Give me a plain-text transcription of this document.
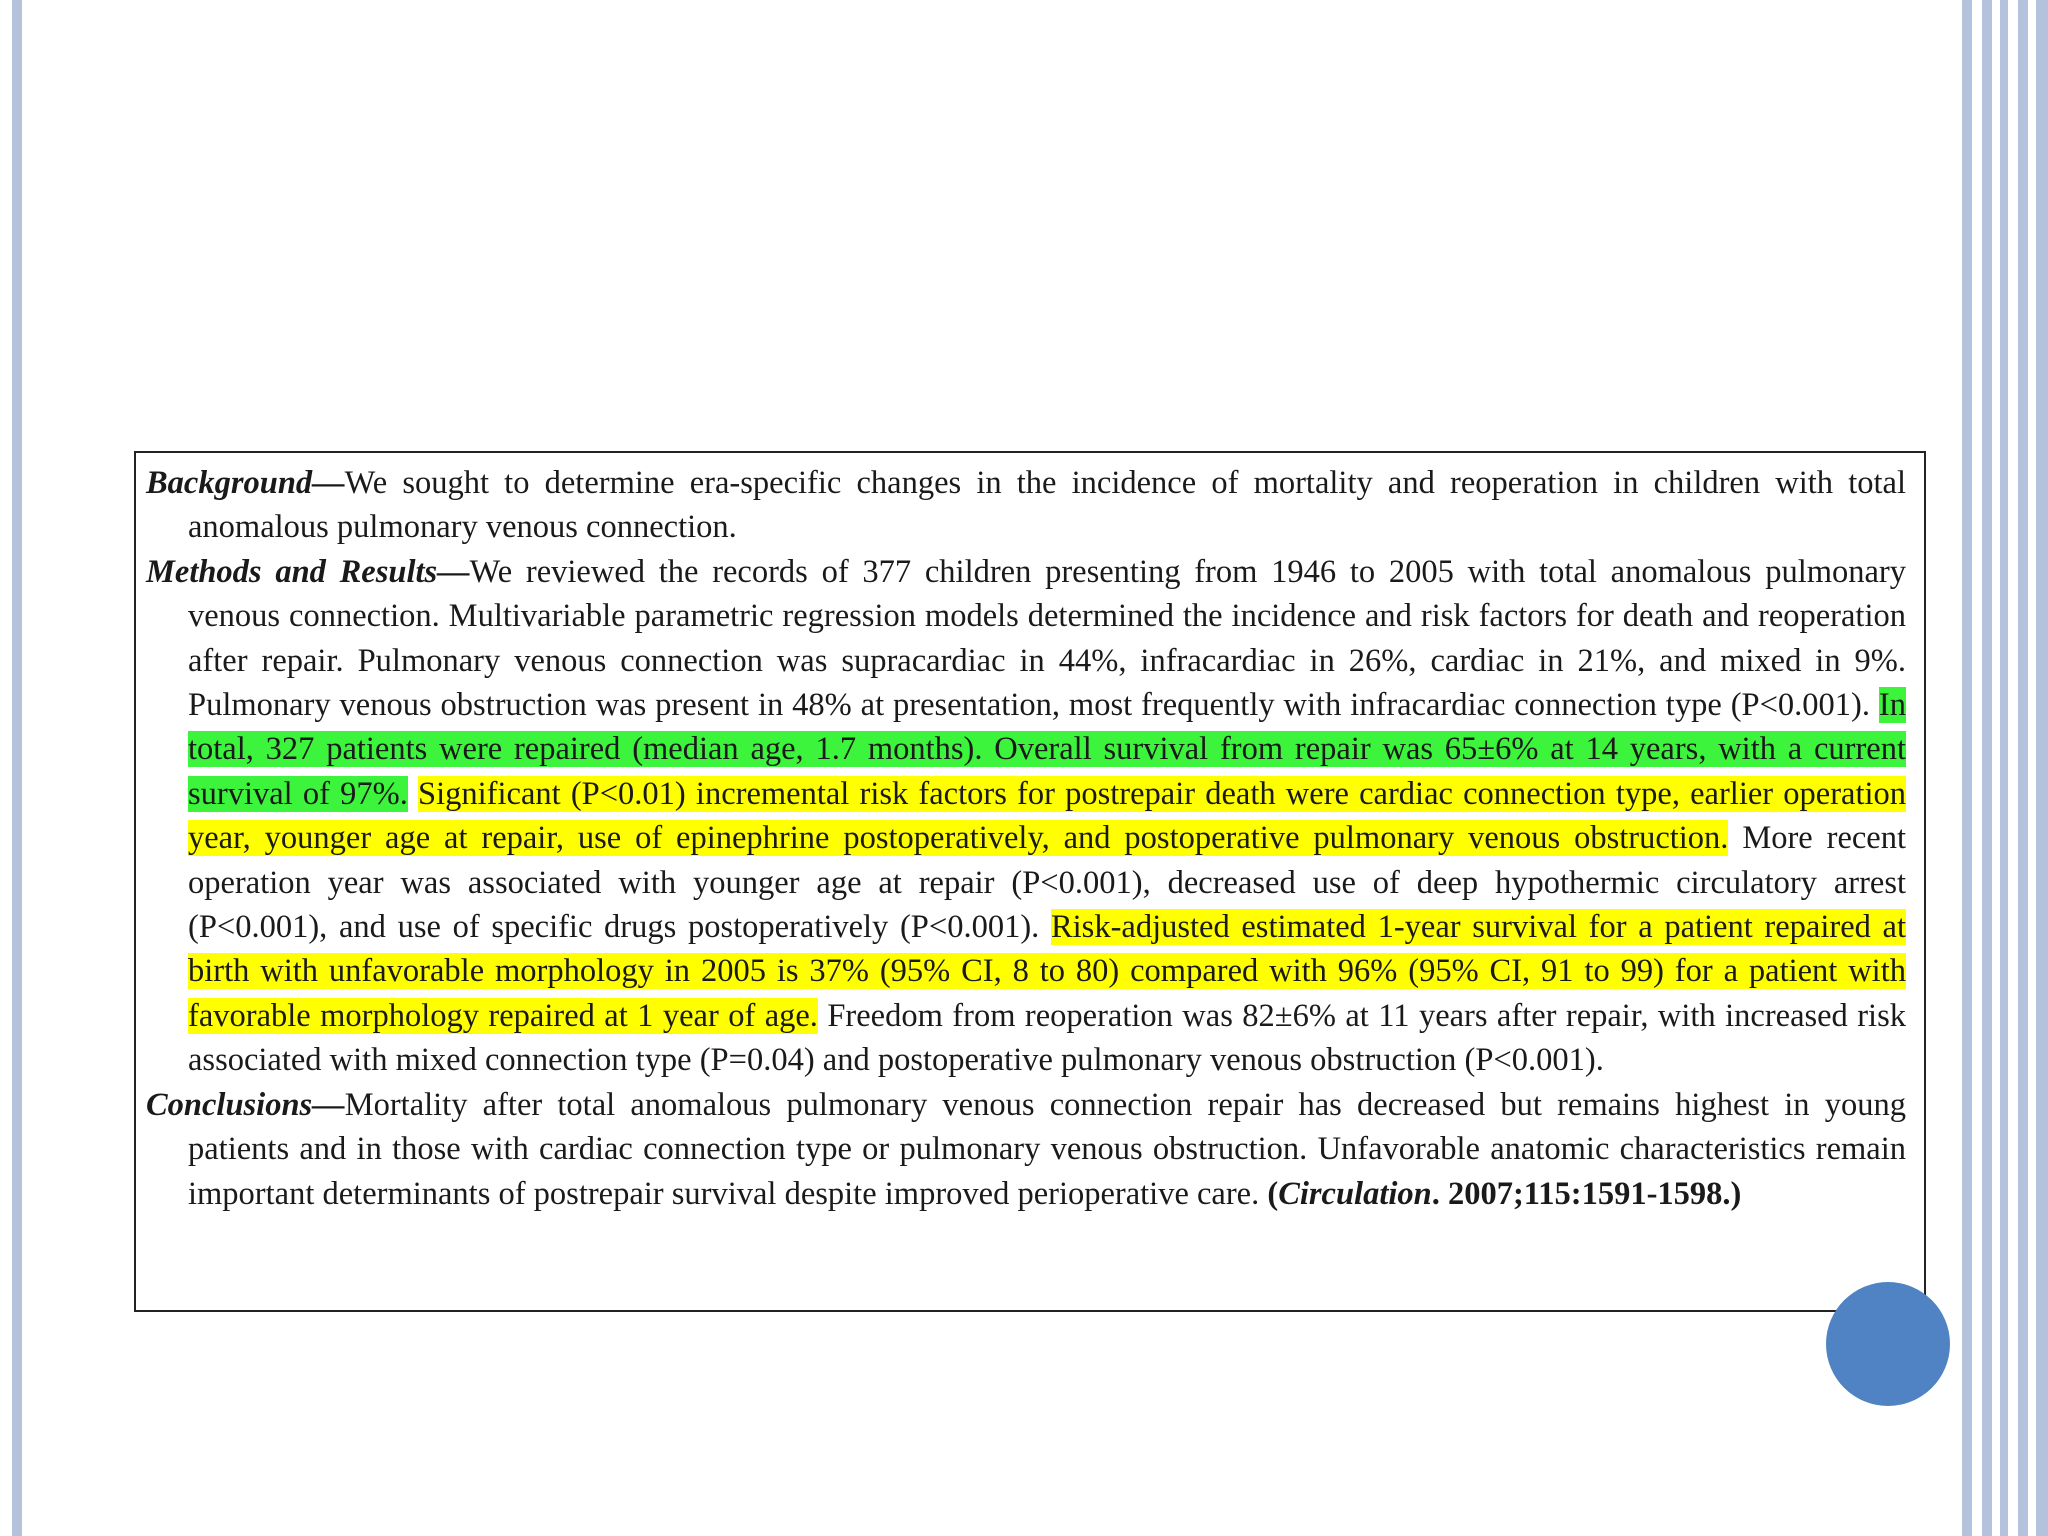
Background—We sought to determine era-specific changes in the incidence of mortality and reoperation in children with total anomalous pulmonary venous connection.

Methods and Results—We reviewed the records of 377 children presenting from 1946 to 2005 with total anomalous pulmonary venous connection. Multivariable parametric regression models determined the incidence and risk factors for death and reoperation after repair. Pulmonary venous connection was supracardiac in 44%, infracardiac in 26%, cardiac in 21%, and mixed in 9%. Pulmonary venous obstruction was present in 48% at presentation, most frequently with infracardiac connection type (P<0.001). In total, 327 patients were repaired (median age, 1.7 months). Overall survival from repair was 65±6% at 14 years, with a current survival of 97%. Significant (P<0.01) incremental risk factors for postrepair death were cardiac connection type, earlier operation year, younger age at repair, use of epinephrine postoperatively, and postoperative pulmonary venous obstruction. More recent operation year was associated with younger age at repair (P<0.001), decreased use of deep hypothermic circulatory arrest (P<0.001), and use of specific drugs postoperatively (P<0.001). Risk-adjusted estimated 1-year survival for a patient repaired at birth with unfavorable morphology in 2005 is 37% (95% CI, 8 to 80) compared with 96% (95% CI, 91 to 99) for a patient with favorable morphology repaired at 1 year of age. Freedom from reoperation was 82±6% at 11 years after repair, with increased risk associated with mixed connection type (P=0.04) and postoperative pulmonary venous obstruction (P<0.001).

Conclusions—Mortality after total anomalous pulmonary venous connection repair has decreased but remains highest in young patients and in those with cardiac connection type or pulmonary venous obstruction. Unfavorable anatomic characteristics remain important determinants of postrepair survival despite improved perioperative care. (Circulation. 2007;115:1591-1598.)
